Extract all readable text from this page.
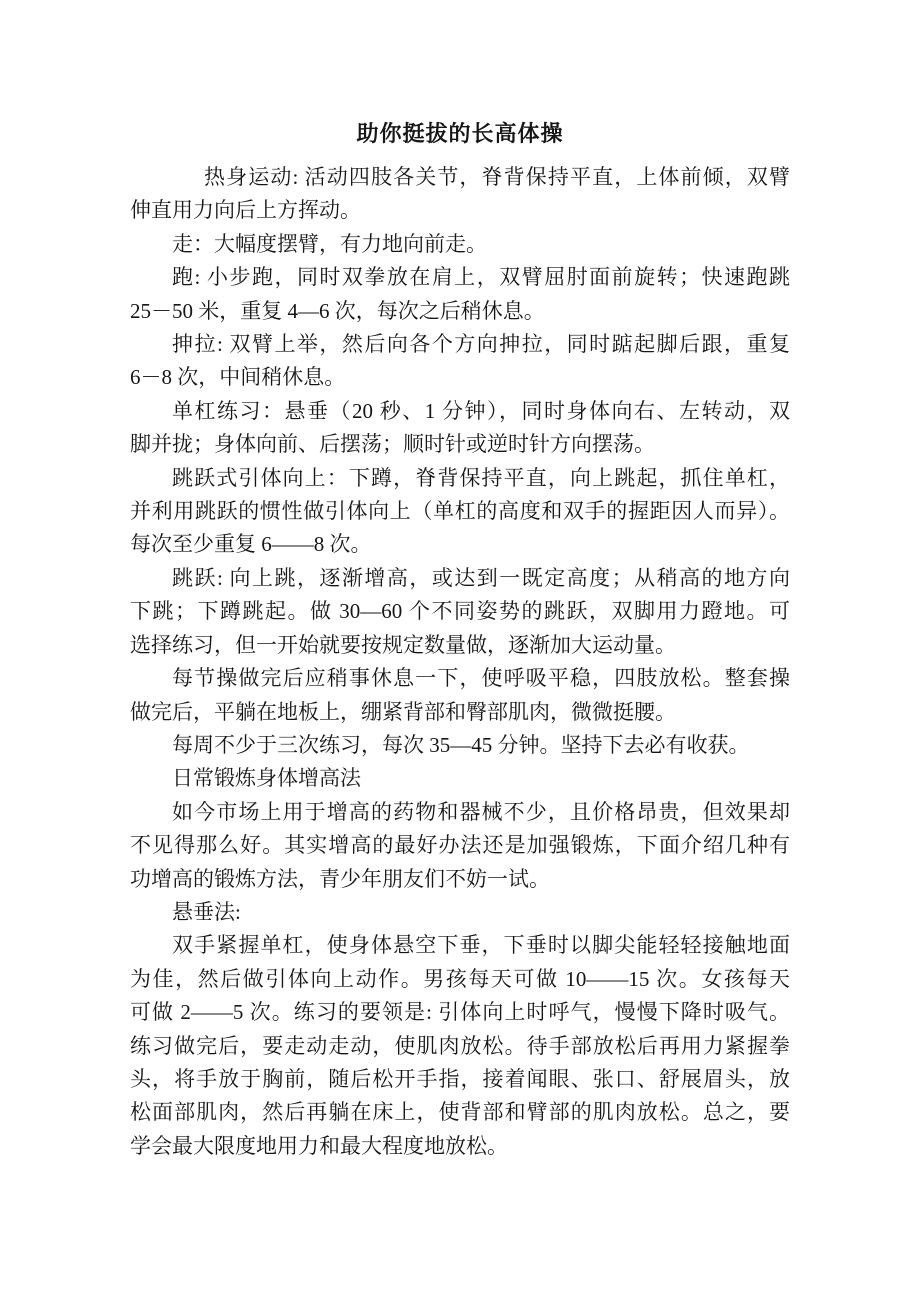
助你挺拔的长高体操
热身运动: 活动四肢各关节，脊背保持平直，上体前倾，双臂
伸直用力向后上方挥动。
走：大幅度摆臂，有力地向前走。
跑: 小步跑，同时双拳放在肩上，双臂屈肘面前旋转；快速跑跳
25－50 米，重复 4—6 次，每次之后稍休息。
抻拉: 双臂上举，然后向各个方向抻拉，同时踮起脚后跟，重复
6－8 次，中间稍休息。
单杠练习：悬垂（20 秒、1 分钟），同时身体向右、左转动，双
脚并拢；身体向前、后摆荡；顺时针或逆时针方向摆荡。
跳跃式引体向上：下蹲，脊背保持平直，向上跳起，抓住单杠，
并利用跳跃的惯性做引体向上（单杠的高度和双手的握距因人而异）。
每次至少重复 6——8 次。
跳跃: 向上跳，逐渐增高，或达到一既定高度；从稍高的地方向
下跳；下蹲跳起。做 30—60 个不同姿势的跳跃，双脚用力蹬地。可
选择练习，但一开始就要按规定数量做，逐渐加大运动量。
每节操做完后应稍事休息一下，使呼吸平稳，四肢放松。整套操
做完后，平躺在地板上，绷紧背部和臀部肌肉，微微挺腰。
每周不少于三次练习，每次 35—45 分钟。坚持下去必有收获。
日常锻炼身体增高法
如今市场上用于增高的药物和器械不少，且价格昂贵，但效果却
不见得那么好。其实增高的最好办法还是加强锻炼，下面介绍几种有
功增高的锻炼方法，青少年朋友们不妨一试。
悬垂法:
双手紧握单杠，使身体悬空下垂，下垂时以脚尖能轻轻接触地面
为佳，然后做引体向上动作。男孩每天可做 10——15 次。女孩每天
可做 2——5 次。练习的要领是: 引体向上时呼气，慢慢下降时吸气。
练习做完后，要走动走动，使肌肉放松。待手部放松后再用力紧握拳
头，将手放于胸前，随后松开手指，接着闻眼、张口、舒展眉头，放
松面部肌肉，然后再躺在床上，使背部和臂部的肌肉放松。总之，要
学会最大限度地用力和最大程度地放松。
